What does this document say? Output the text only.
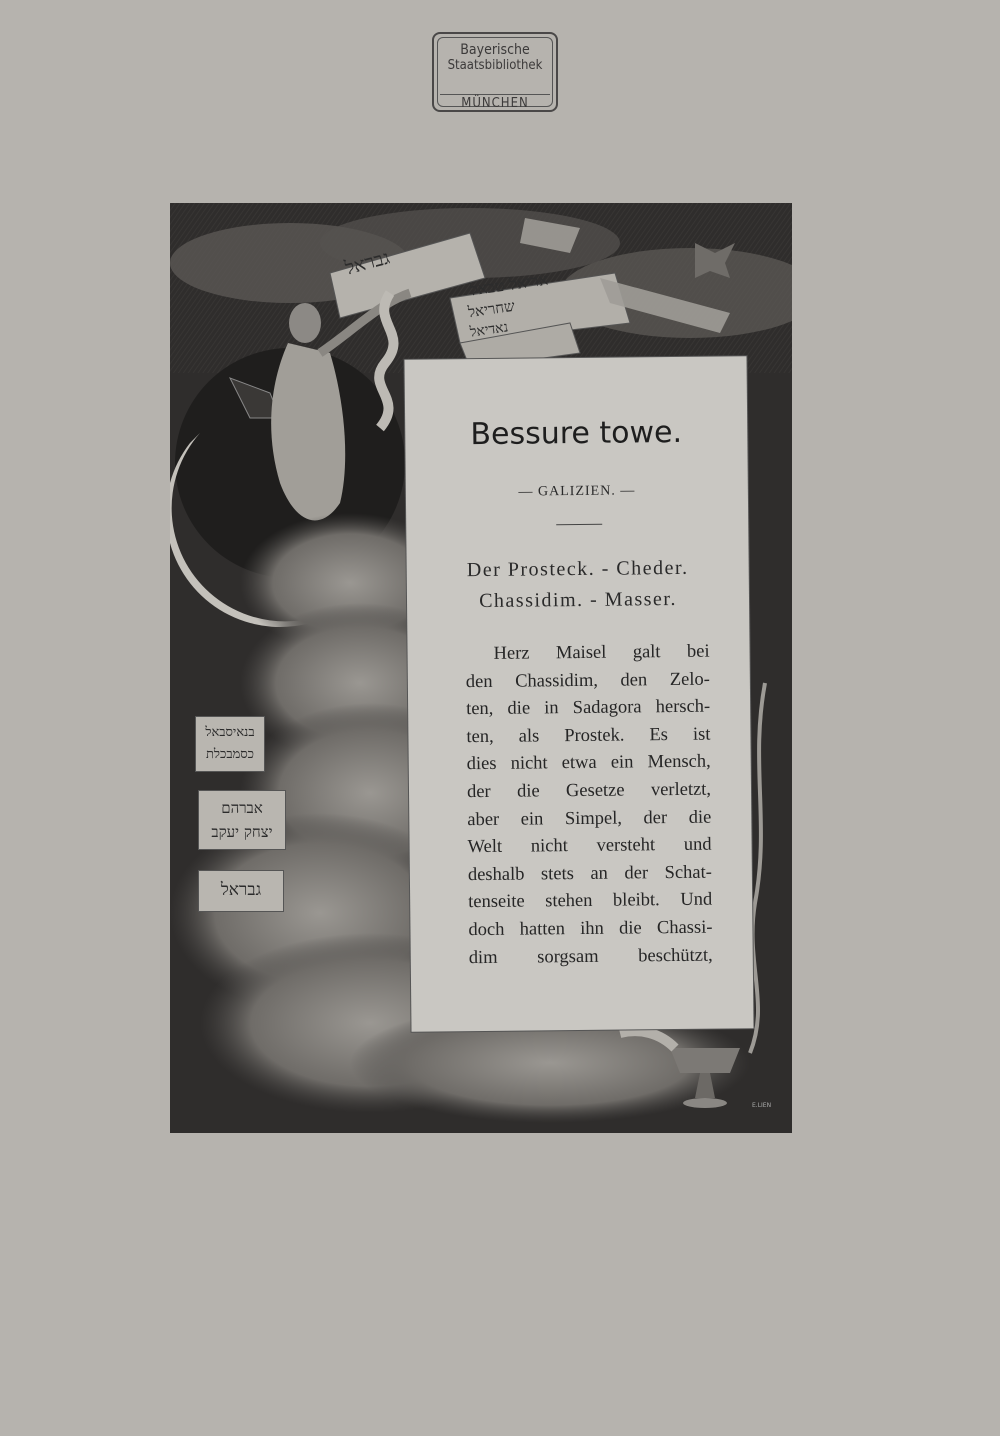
Bayerische
Staatsbibliothek
MÜNCHEN
גבראל
אריאל טבאל
שחריאל
נאדיאל
בנאיסבאל
כסמבכלת
אברהם
יצחק יעקב
גבראל
Bessure towe.
— GALIZIEN. —
Der Prosteck. - Cheder.
Chassidim. - Masser.
Herz Maisel galt bei
den Chassidim, den Zelo-
ten, die in Sadagora hersch-
ten, als Prostek. Es ist
dies nicht etwa ein Mensch,
der die Gesetze verletzt,
aber ein Simpel, der die
Welt nicht versteht und
deshalb stets an der Schat-
tenseite stehen bleibt. Und
doch hatten ihn die Chassi-
dim sorgsam beschützt,
E.LIEN
